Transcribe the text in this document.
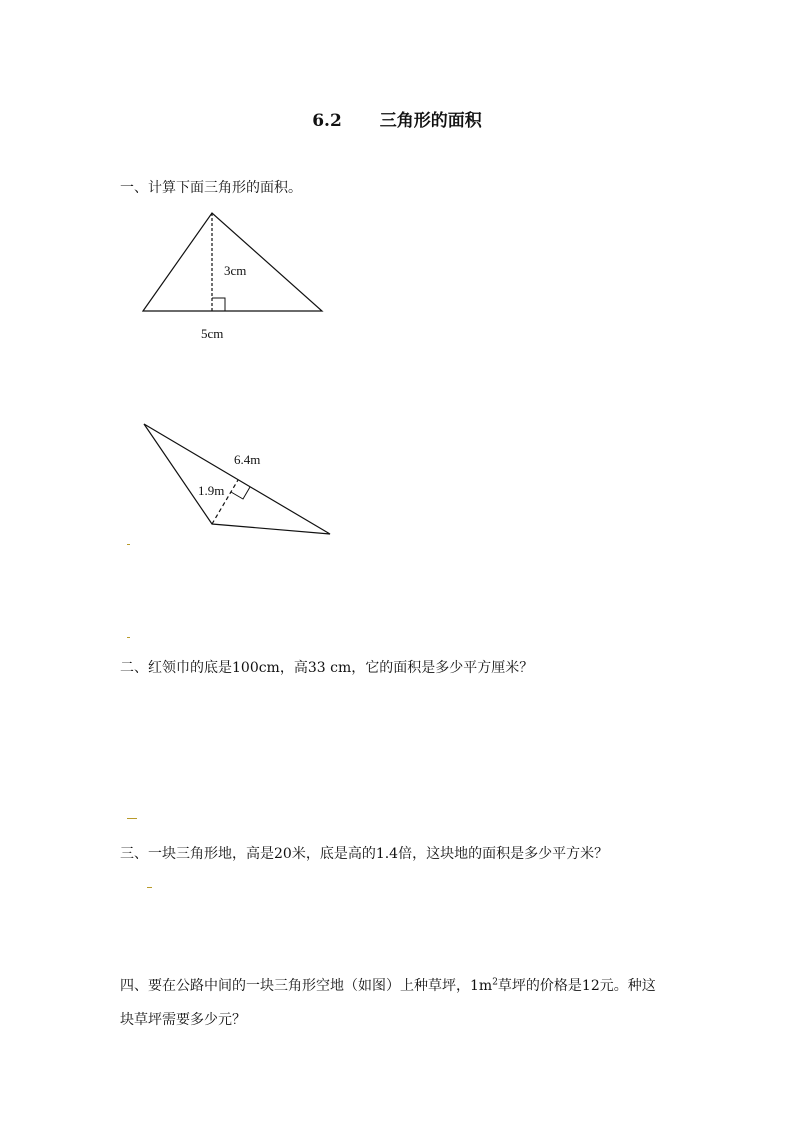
6.2 三角形的面积
一、计算下面三角形的面积。
3cm
5cm
6.4m
1.9m
二、红领巾的底是100cm，高33 cm，它的面积是多少平方厘米？
三、一块三角形地，高是20米，底是高的1.4倍，这块地的面积是多少平方米？
四、要在公路中间的一块三角形空地（如图）上种草坪，$1m^2$草坪的价格是12元。种这
块草坪需要多少元？
